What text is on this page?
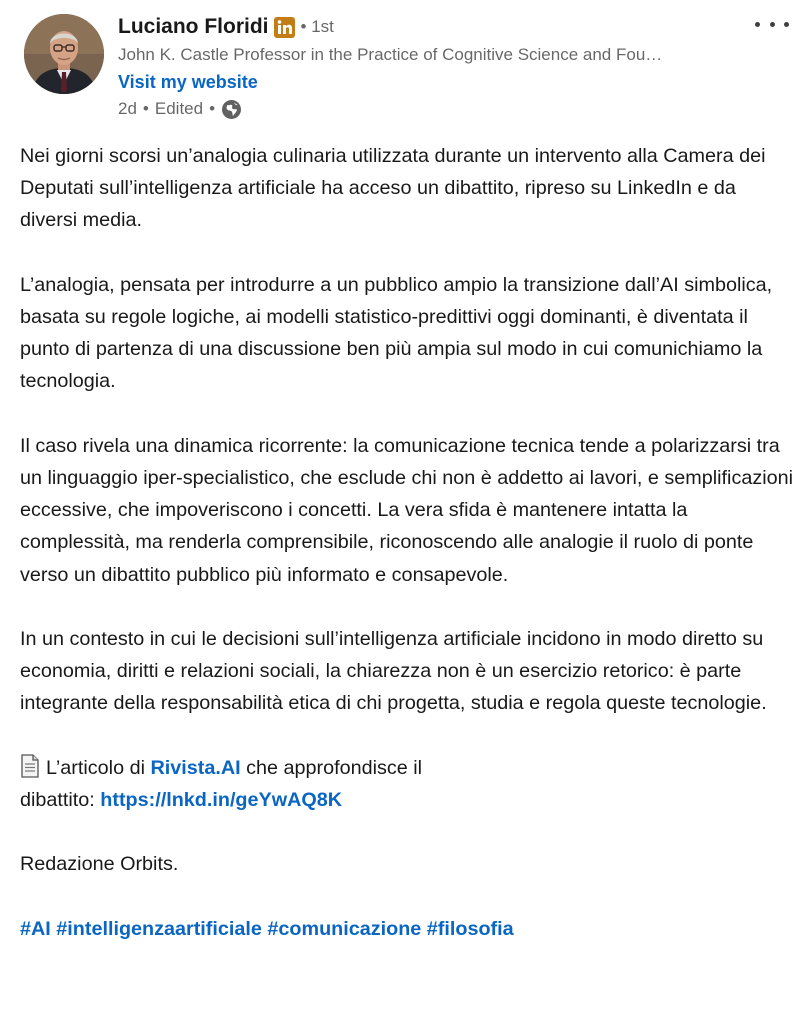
Luciano Floridi • 1st
John K. Castle Professor in the Practice of Cognitive Science and Fou…
Visit my website
2d • Edited •

Nei giorni scorsi un’analogia culinaria utilizzata durante un intervento alla Camera dei Deputati sull’intelligenza artificiale ha acceso un dibattito, ripreso su LinkedIn e da diversi media.

L’analogia, pensata per introdurre a un pubblico ampio la transizione dall’AI simbolica, basata su regole logiche, ai modelli statistico-predittivi oggi dominanti, è diventata il punto di partenza di una discussione ben più ampia sul modo in cui comunichiamo la tecnologia.

Il caso rivela una dinamica ricorrente: la comunicazione tecnica tende a polarizzarsi tra un linguaggio iper-specialistico, che esclude chi non è addetto ai lavori, e semplificazioni eccessive, che impoveriscono i concetti. La vera sfida è mantenere intatta la complessità, ma renderla comprensibile, riconoscendo alle analogie il ruolo di ponte verso un dibattito pubblico più informato e consapevole.

In un contesto in cui le decisioni sull’intelligenza artificiale incidono in modo diretto su economia, diritti e relazioni sociali, la chiarezza non è un esercizio retorico: è parte integrante della responsabilità etica di chi progetta, studia e regola queste tecnologie.

L’articolo di Rivista.AI che approfondisce il
dibattito: https://lnkd.in/geYwAQ8K

Redazione Orbits.

#AI #intelligenzaartificiale #comunicazione #filosofia
